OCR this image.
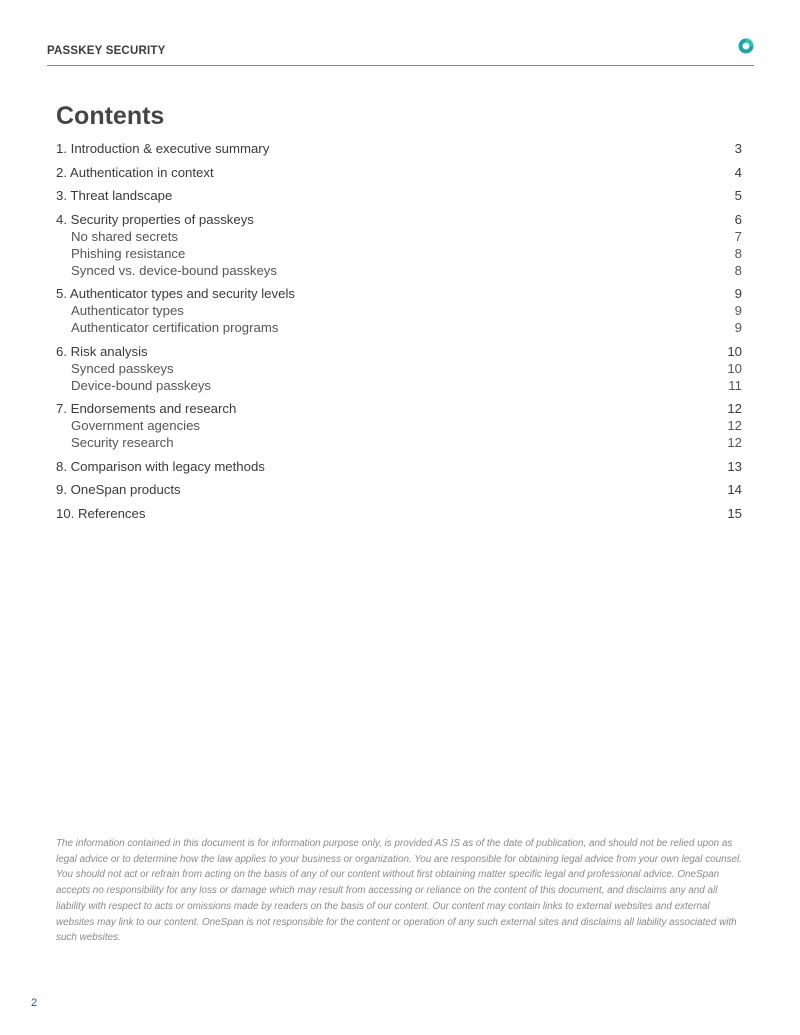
PASSKEY SECURITY
Contents
1. Introduction & executive summary	3
2. Authentication in context	4
3. Threat landscape	5
4. Security properties of passkeys	6
No shared secrets	7
Phishing resistance	8
Synced vs. device-bound passkeys	8
5. Authenticator types and security levels	9
Authenticator types	9
Authenticator certification programs	9
6. Risk analysis	10
Synced passkeys	10
Device-bound passkeys	11
7. Endorsements and research	12
Government agencies	12
Security research	12
8. Comparison with legacy methods	13
9. OneSpan products	14
10. References	15
The information contained in this document is for information purpose only, is provided AS IS as of the date of publication, and should not be relied upon as legal advice or to determine how the law applies to your business or organization. You are responsible for obtaining legal advice from your own legal counsel. You should not act or refrain from acting on the basis of any of our content without first obtaining matter specific legal and professional advice. OneSpan accepts no responsibility for any loss or damage which may result from accessing or reliance on the content of this document, and disclaims any and all liability with respect to acts or omissions made by readers on the basis of our content. Our content may contain links to external websites and external websites may link to our content. OneSpan is not responsible for the content or operation of any such external sites and disclaims all liability associated with such websites.
2
